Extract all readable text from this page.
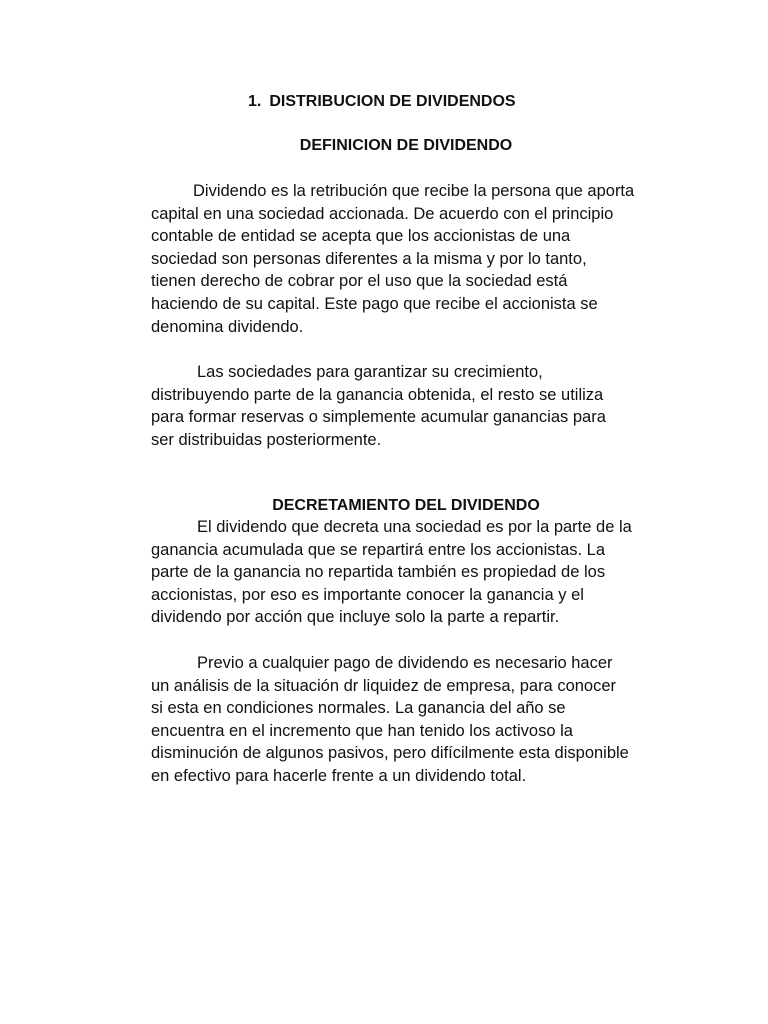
1. DISTRIBUCION DE DIVIDENDOS
DEFINICION DE DIVIDENDO

Dividendo es la retribución que recibe la persona que aporta
capital en una sociedad accionada. De acuerdo con el principio
contable de entidad se acepta que los accionistas de una
sociedad son personas diferentes a la misma y por lo tanto,
tienen derecho de cobrar por el uso que la sociedad está
haciendo de su capital. Este pago que recibe el accionista se
denomina dividendo.

Las sociedades para garantizar su crecimiento,
distribuyendo parte de la ganancia obtenida, el resto se utiliza
para formar reservas o simplemente acumular ganancias para
ser distribuidas posteriormente.

DECRETAMIENTO DEL DIVIDENDO

El dividendo que decreta una sociedad es por la parte de la
ganancia acumulada que se repartirá entre los accionistas. La
parte de la ganancia no repartida también es propiedad de los
accionistas, por eso es importante conocer la ganancia y el
dividendo por acción que incluye solo la parte a repartir.

Previo a cualquier pago de dividendo es necesario hacer
un análisis de la situación dr liquidez de empresa, para conocer
si esta en condiciones normales. La ganancia del año se
encuentra en el incremento que han tenido los activoso la
disminución de algunos pasivos, pero difícilmente esta disponible
en efectivo para hacerle frente a un dividendo total.
